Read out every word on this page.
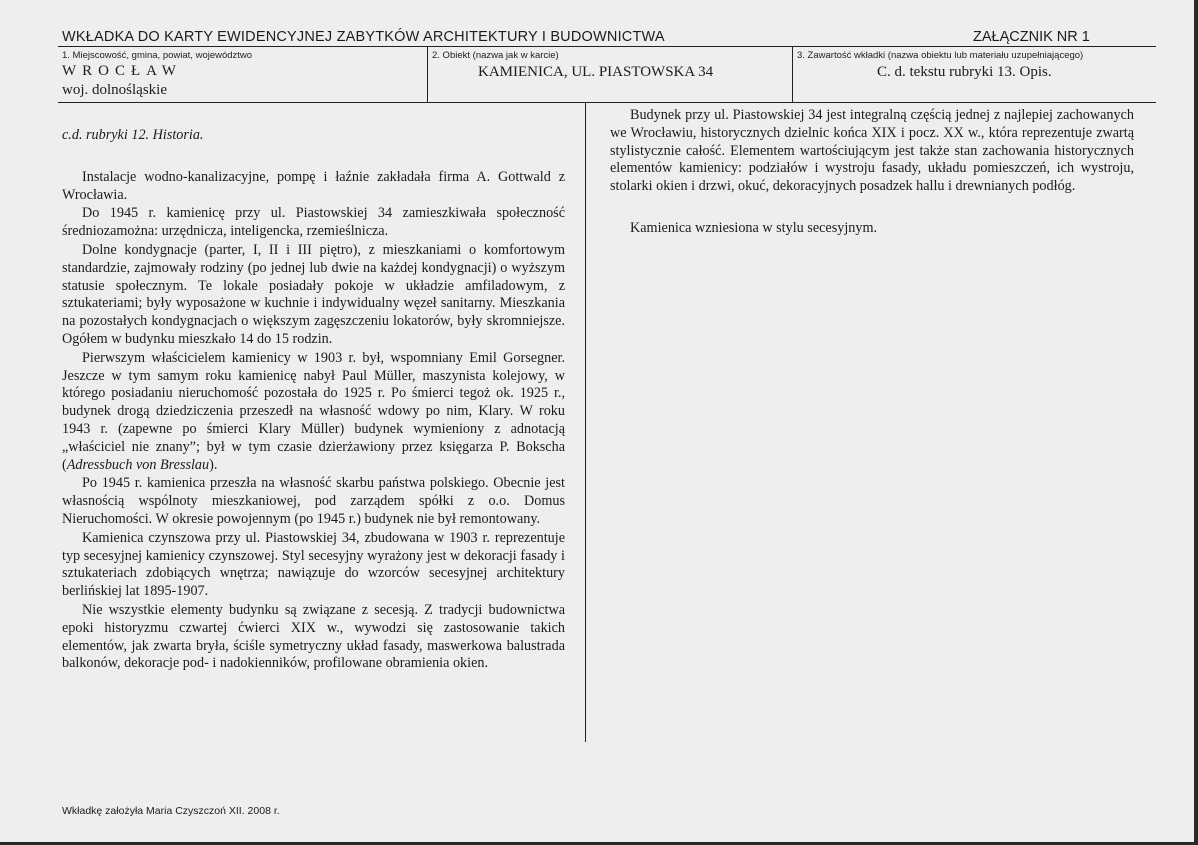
WKŁADKA DO KARTY EWIDENCYJNEJ ZABYTKÓW ARCHITEKTURY I BUDOWNICTWA	ZAŁĄCZNIK NR 1
1. Miejscowość, gmina, powiat, województwo
WROCŁAW
woj. dolnośląskie
2. Obiekt (nazwa jak w karcie)
KAMIENICA, UL. PIASTOWSKA 34
3. Zawartość wkładki (nazwa obiektu lub materiału uzupełniającego)
C. d. tekstu rubryki 13. Opis.

c.d. rubryki 12. Historia.

Instalacje wodno-kanalizacyjne, pompę i łaźnie zakładała firma A. Gottwald z Wrocławia.

Do 1945 r. kamienicę przy ul. Piastowskiej 34 zamieszkiwała społeczność średniozamożna: urzędnicza, inteligencka, rzemieślnicza.

Dolne kondygnacje (parter, I, II i III piętro), z mieszkaniami o komfortowym standardzie, zajmowały rodziny (po jednej lub dwie na każdej kondygnacji) o wyższym statusie społecznym. Te lokale posiadały pokoje w układzie amfiladowym, z sztukateriami; były wyposażone w kuchnie i indywidualny węzeł sanitarny. Mieszkania na pozostałych kondygnacjach o większym zagęszczeniu lokatorów, były skromniejsze. Ogółem w budynku mieszkało 14 do 15 rodzin.

Pierwszym właścicielem kamienicy w 1903 r. był, wspomniany Emil Gorsegner. Jeszcze w tym samym roku kamienicę nabył Paul Müller, maszynista kolejowy, w którego posiadaniu nieruchomość pozostała do 1925 r. Po śmierci tegoż ok. 1925 r., budynek drogą dziedziczenia przeszedł na własność wdowy po nim, Klary. W roku 1943 r. (zapewne po śmierci Klary Müller) budynek wymieniony z adnotacją „właściciel nie znany”; był w tym czasie dzierżawiony przez księgarza P. Bokscha (Adressbuch von Bresslau).

Po 1945 r. kamienica przeszła na własność skarbu państwa polskiego. Obecnie jest własnością wspólnoty mieszkaniowej, pod zarządem spółki z o.o. Domus Nieruchomości. W okresie powojennym (po 1945 r.) budynek nie był remontowany.

Kamienica czynszowa przy ul. Piastowskiej 34, zbudowana w 1903 r. reprezentuje typ secesyjnej kamienicy czynszowej. Styl secesyjny wyrażony jest w dekoracji fasady i sztukateriach zdobiących wnętrza; nawiązuje do wzorców secesyjnej architektury berlińskiej lat 1895-1907.

Nie wszystkie elementy budynku są związane z secesją. Z tradycji budownictwa epoki historyzmu czwartej ćwierci XIX w., wywodzi się zastosowanie takich elementów, jak zwarta bryła, ściśle symetryczny układ fasady, maswerkowa balustrada balkonów, dekoracje pod- i nadokienników, profilowane obramienia okien.

Budynek przy ul. Piastowskiej 34 jest integralną częścią jednej z najlepiej zachowanych we Wrocławiu, historycznych dzielnic końca XIX i pocz. XX w., która reprezentuje zwartą stylistycznie całość. Elementem wartościującym jest także stan zachowania historycznych elementów kamienicy: podziałów i wystroju fasady, układu pomieszczeń, ich wystroju, stolarki okien i drzwi, okuć, dekoracyjnych posadzek hallu i drewnianych podłóg.

Kamienica wzniesiona w stylu secesyjnym.

Wkładkę założyła Maria Czyszczoń XII. 2008 r.
